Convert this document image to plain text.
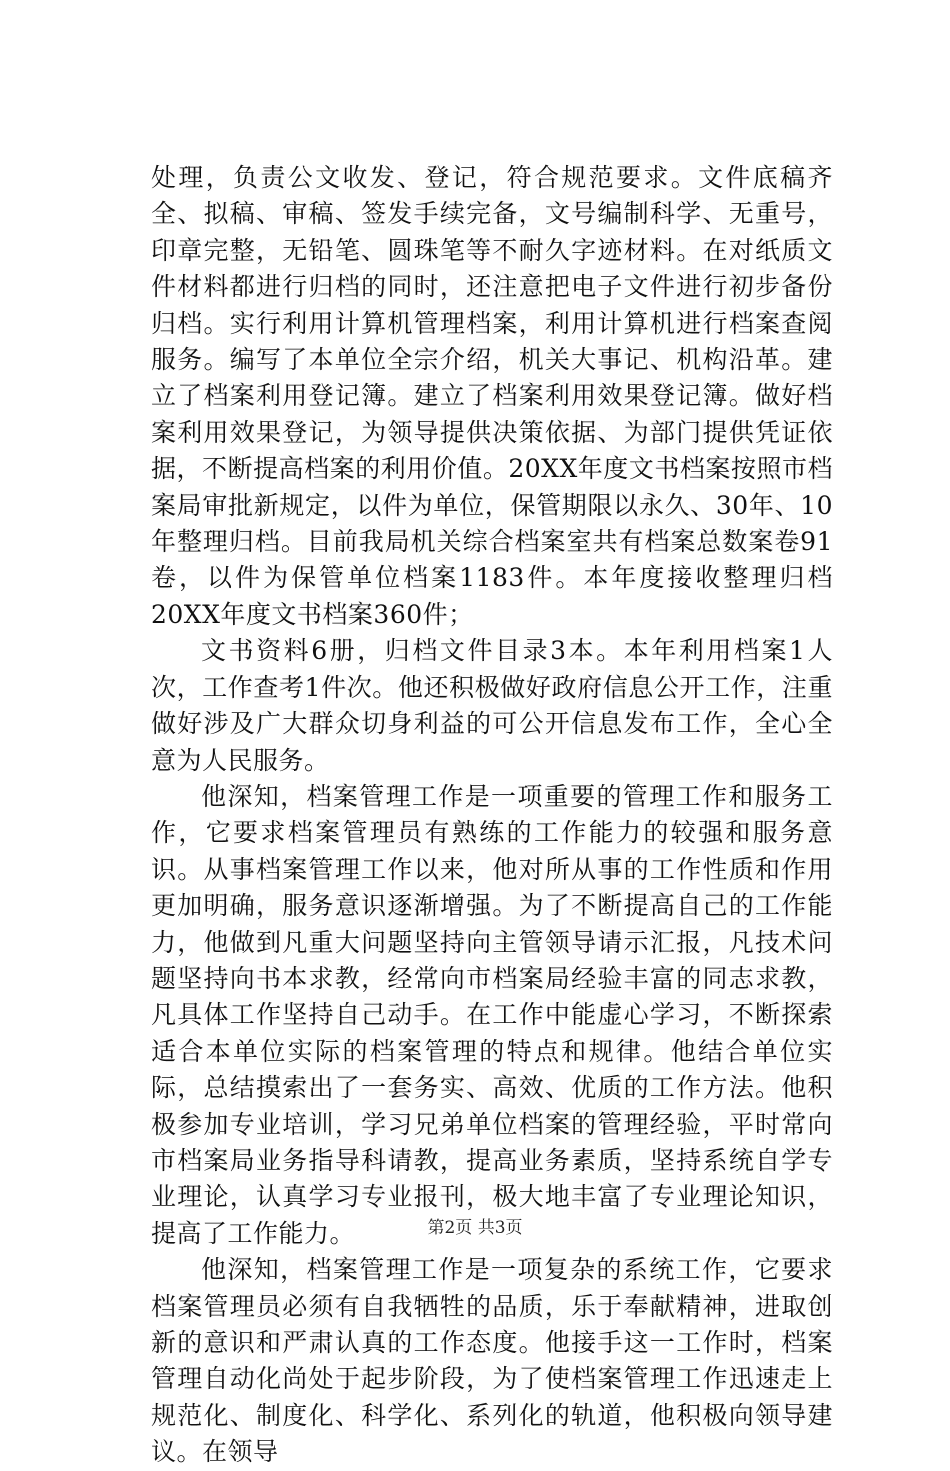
处理，负责公文收发、登记，符合规范要求。文件底稿齐全、拟稿、审稿、签发手续完备，文号编制科学、无重号，印章完整，无铅笔、圆珠笔等不耐久字迹材料。在对纸质文件材料都进行归档的同时，还注意把电子文件进行初步备份归档。实行利用计算机管理档案，利用计算机进行档案查阅服务。编写了本单位全宗介绍，机关大事记、机构沿革。建立了档案利用登记簿。建立了档案利用效果登记簿。做好档案利用效果登记，为领导提供决策依据、为部门提供凭证依据，不断提高档案的利用价值。20XX年度文书档案按照市档案局审批新规定，以件为单位，保管期限以永久、30年、10年整理归档。目前我局机关综合档案室共有档案总数案卷91卷，以件为保管单位档案1183件。本年度接收整理归档20XX年度文书档案360件；

文书资料6册，归档文件目录3本。本年利用档案1人次，工作查考1件次。他还积极做好政府信息公开工作，注重做好涉及广大群众切身利益的可公开信息发布工作，全心全意为人民服务。

他深知，档案管理工作是一项重要的管理工作和服务工作，它要求档案管理员有熟练的工作能力的较强和服务意识。从事档案管理工作以来，他对所从事的工作性质和作用更加明确，服务意识逐渐增强。为了不断提高自己的工作能力，他做到凡重大问题坚持向主管领导请示汇报，凡技术问题坚持向书本求教，经常向市档案局经验丰富的同志求教，凡具体工作坚持自己动手。在工作中能虚心学习，不断探索适合本单位实际的档案管理的特点和规律。他结合单位实际，总结摸索出了一套务实、高效、优质的工作方法。他积极参加专业培训，学习兄弟单位档案的管理经验，平时常向市档案局业务指导科请教，提高业务素质，坚持系统自学专业理论，认真学习专业报刊，极大地丰富了专业理论知识，提高了工作能力。

他深知，档案管理工作是一项复杂的系统工作，它要求档案管理员必须有自我牺牲的品质，乐于奉献精神，进取创新的意识和严肃认真的工作态度。他接手这一工作时，档案管理自动化尚处于起步阶段，为了使档案管理工作迅速走上规范化、制度化、科学化、系列化的轨道，他积极向领导建议。在领导

第2页 共3页
